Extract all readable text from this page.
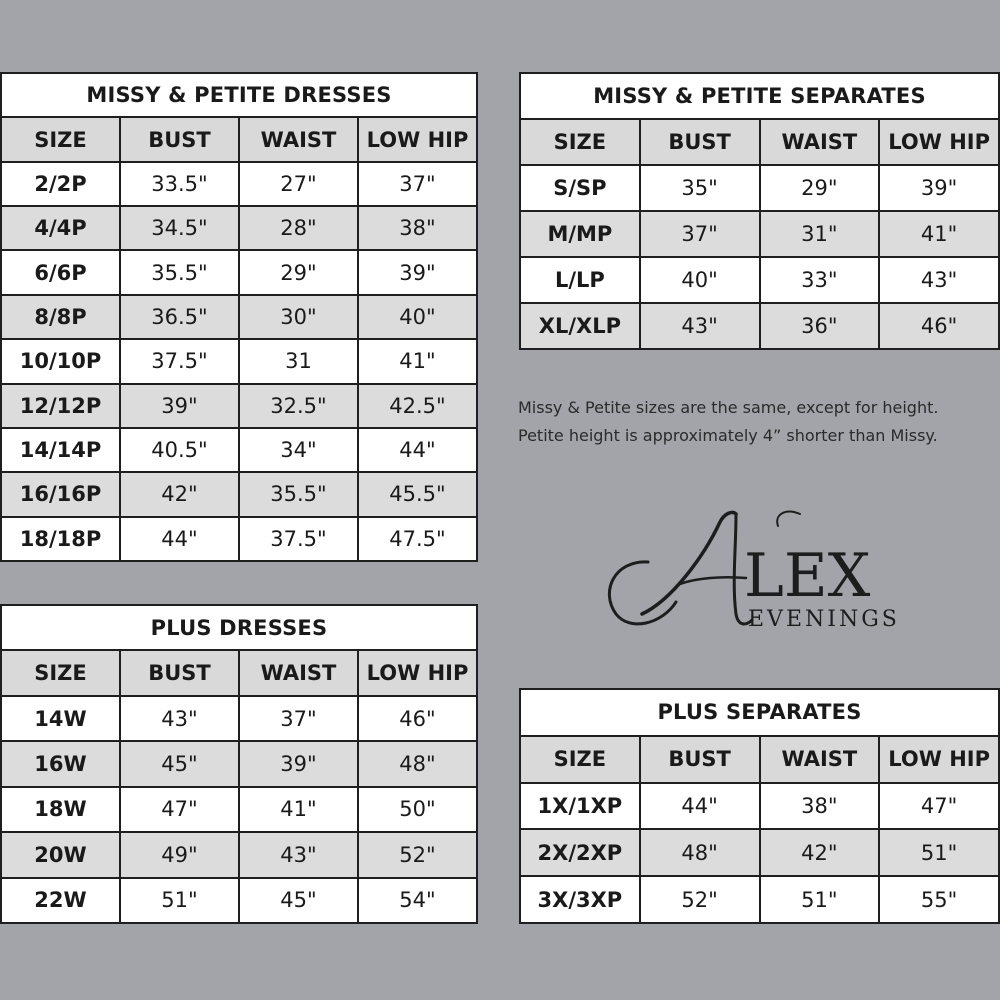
MISSY & PETITE DRESSES			
SIZE	BUST	WAIST	LOW HIP
2/2P	33.5"	27"	37"
4/4P	34.5"	28"	38"
6/6P	35.5"	29"	39"
8/8P	36.5"	30"	40"
10/10P	37.5"	31	41"
12/12P	39"	32.5"	42.5"
14/14P	40.5"	34"	44"
16/16P	42"	35.5"	45.5"
18/18P	44"	37.5"	47.5"
MISSY & PETITE SEPARATES			
SIZE	BUST	WAIST	LOW HIP
S/SP	35"	29"	39"
M/MP	37"	31"	41"
L/LP	40"	33"	43"
XL/XLP	43"	36"	46"
PLUS DRESSES			
SIZE	BUST	WAIST	LOW HIP
14W	43"	37"	46"
16W	45"	39"	48"
18W	47"	41"	50"
20W	49"	43"	52"
22W	51"	45"	54"
PLUS SEPARATES			
SIZE	BUST	WAIST	LOW HIP
1X/1XP	44"	38"	47"
2X/2XP	48"	42"	51"
3X/3XP	52"	51"	55"
Missy & Petite sizes are the same, except for height.
Petite height is approximately 4” shorter than Missy.
LEX
EVENINGS
